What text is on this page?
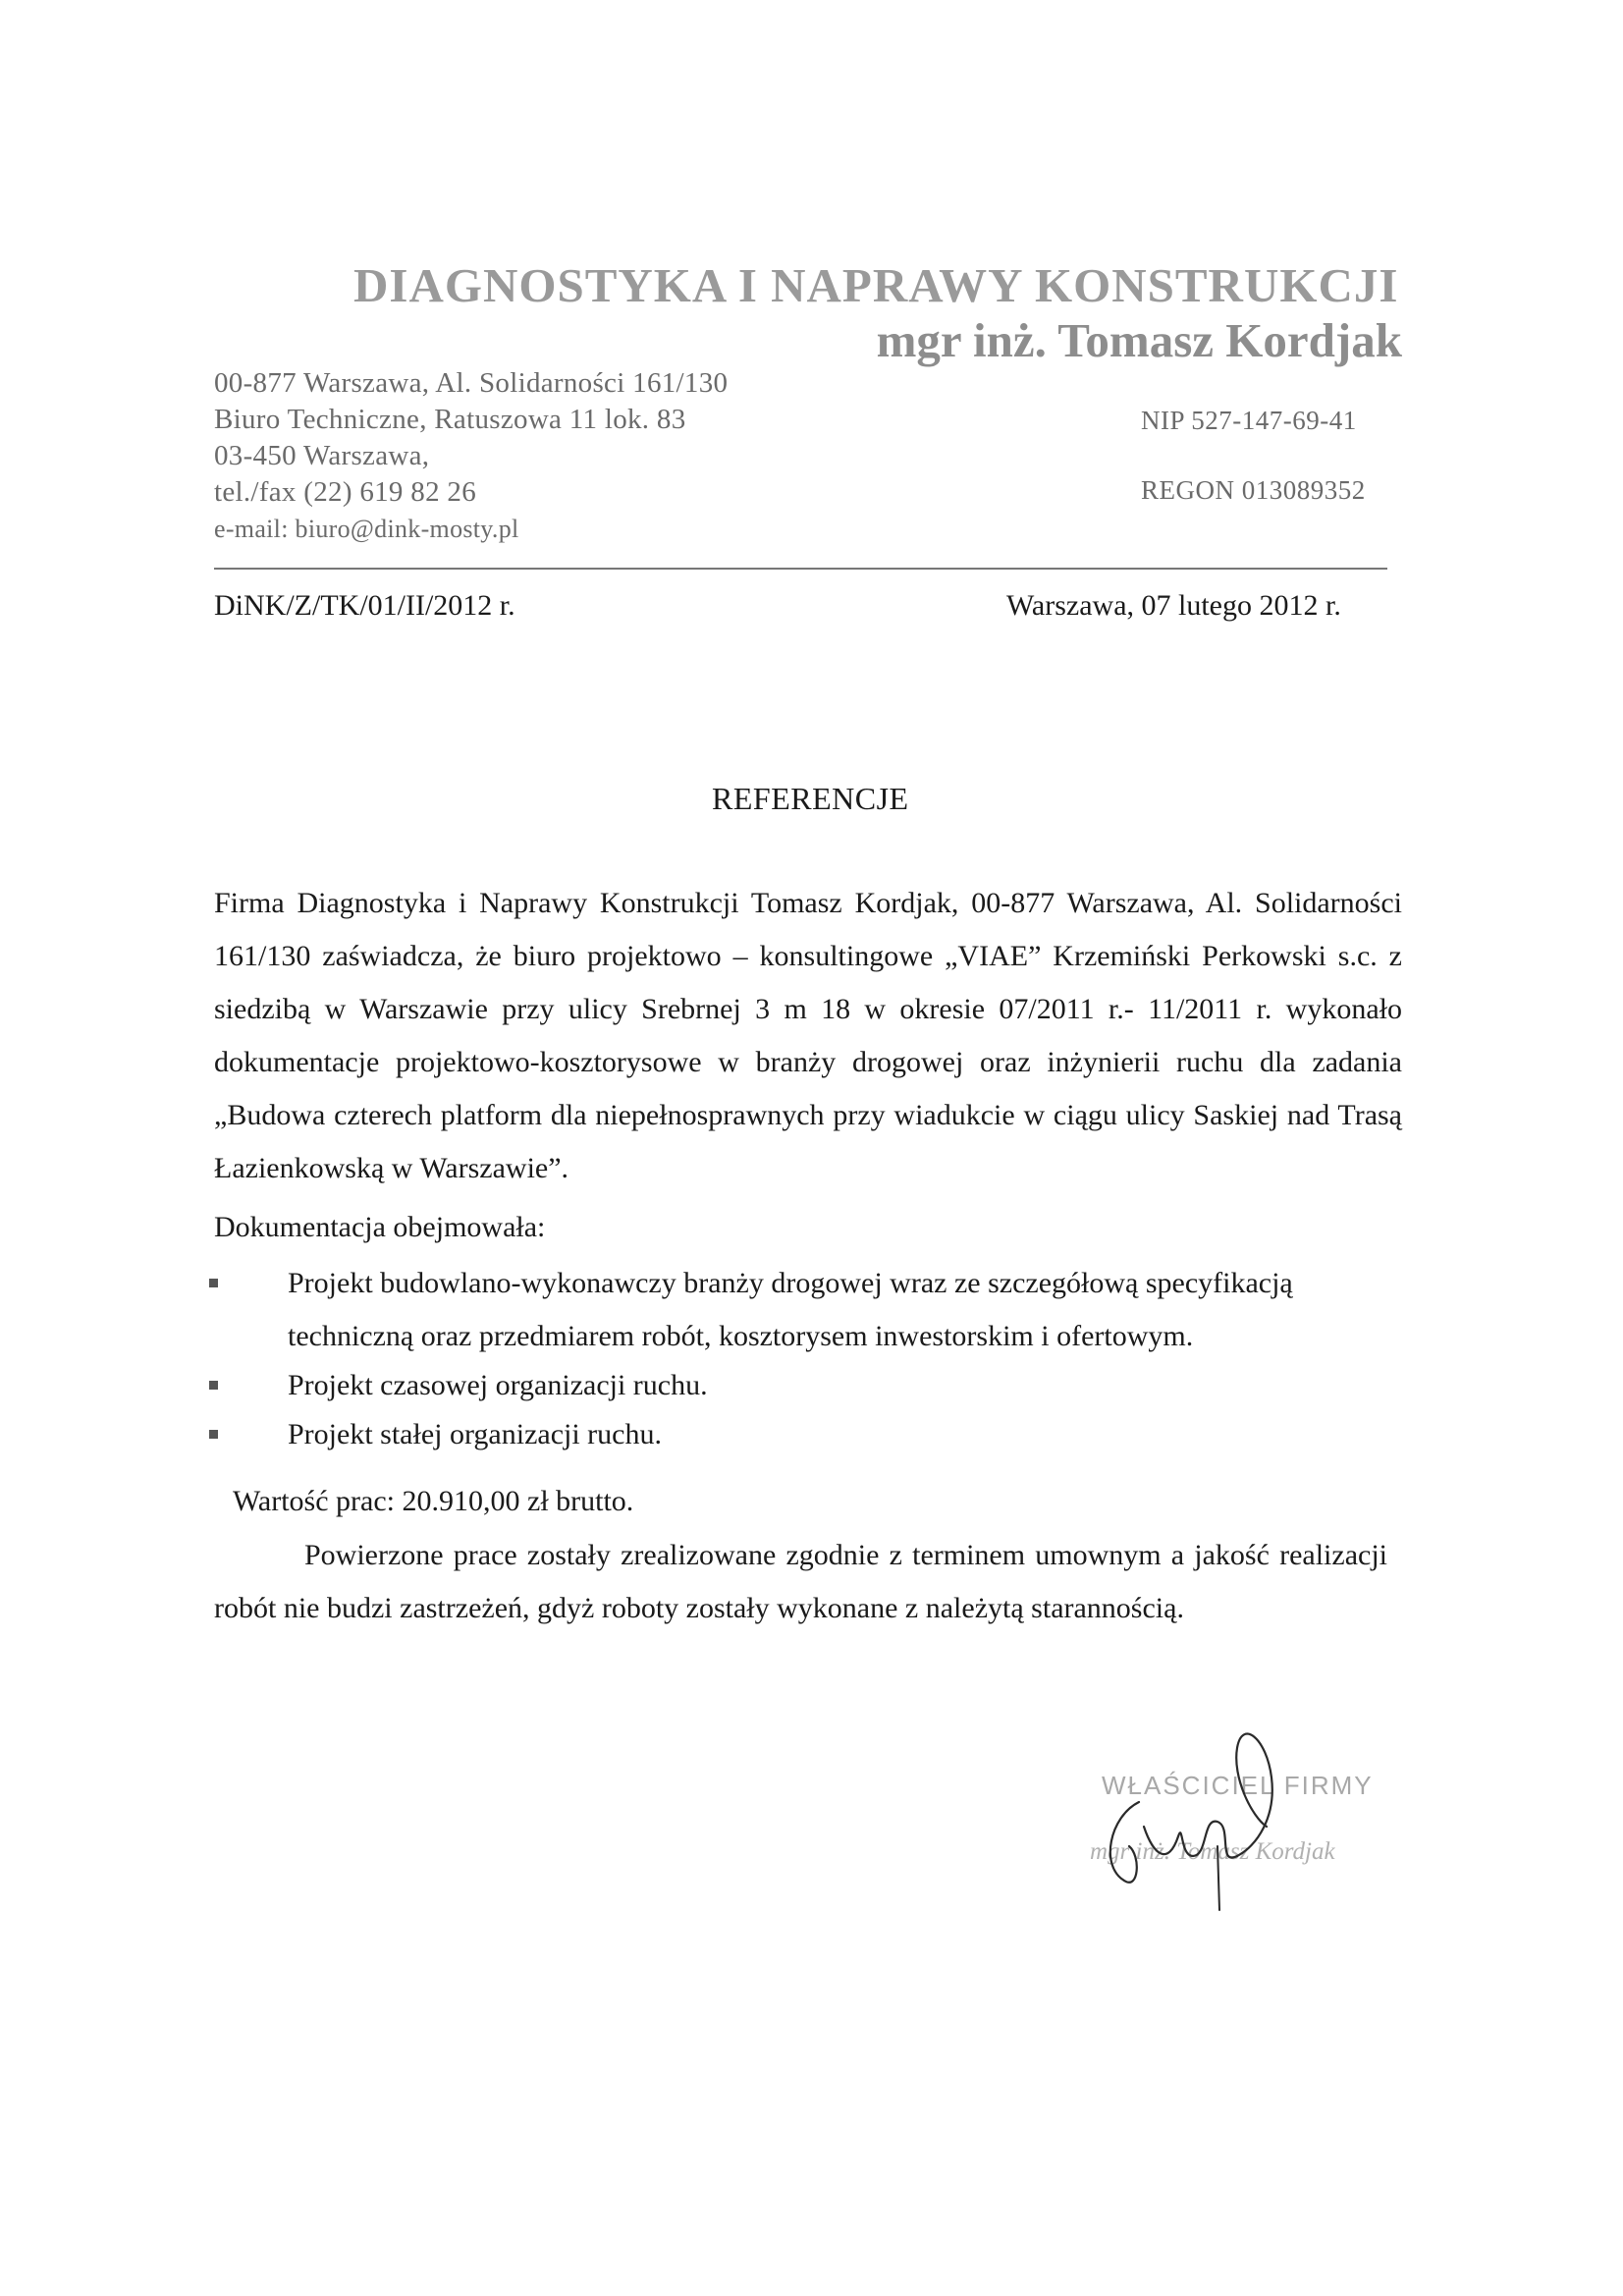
DIAGNOSTYKA I NAPRAWY KONSTRUKCJI
mgr inż. Tomasz Kordjak
00-877 Warszawa, Al. Solidarności 161/130
Biuro Techniczne, Ratuszowa 11 lok. 83
03-450 Warszawa,
tel./fax (22) 619 82 26
e-mail: biuro@dink-mosty.pl
NIP 527-147-69-41
REGON 013089352
DiNK/Z/TK/01/II/2012 r.	Warszawa, 07 lutego 2012 r.
REFERENCJE

Firma Diagnostyka i Naprawy Konstrukcji Tomasz Kordjak, 00-877 Warszawa, Al. Solidarności 161/130 zaświadcza, że biuro projektowo – konsultingowe „VIAE” Krzemiński Perkowski s.c. z siedzibą w Warszawie przy ulicy Srebrnej 3 m 18 w okresie 07/2011 r.- 11/2011 r. wykonało dokumentacje projektowo-kosztorysowe w branży drogowej oraz inżynierii ruchu dla zadania „Budowa czterech platform dla niepełnosprawnych przy wiadukcie w ciągu ulicy Saskiej nad Trasą Łazienkowską w Warszawie”.

Dokumentacja obejmowała:
Projekt budowlano-wykonawczy branży drogowej wraz ze szczegółową specyfikacją techniczną oraz przedmiarem robót, kosztorysem inwestorskim i ofertowym.
Projekt czasowej organizacji ruchu.
Projekt stałej organizacji ruchu.
Wartość prac: 20.910,00 zł brutto.
Powierzone prace zostały zrealizowane zgodnie z terminem umownym a jakość realizacji robót nie budzi zastrzeżeń, gdyż roboty zostały wykonane z należytą starannością.
WŁAŚCICIEL FIRMY
mgr inż. Tomasz Kordjak
